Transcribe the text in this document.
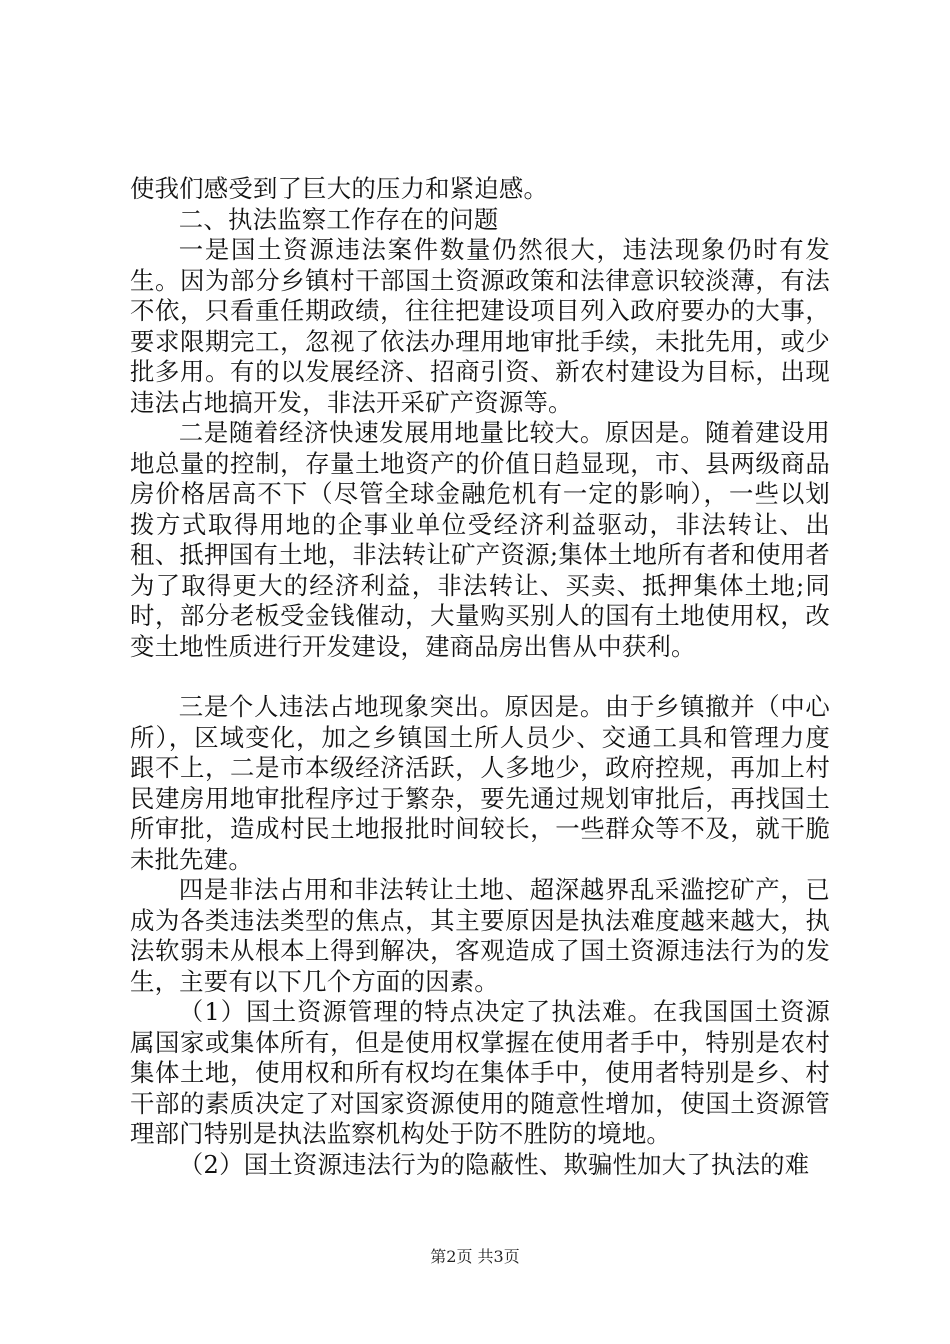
使我们感受到了巨大的压力和紧迫感。

二、执法监察工作存在的问题

一是国土资源违法案件数量仍然很大，违法现象仍时有发生。因为部分乡镇村干部国土资源政策和法律意识较淡薄，有法不依，只看重任期政绩，往往把建设项目列入政府要办的大事，要求限期完工，忽视了依法办理用地审批手续，未批先用，或少批多用。有的以发展经济、招商引资、新农村建设为目标，出现违法占地搞开发，非法开采矿产资源等。

二是随着经济快速发展用地量比较大。原因是。随着建设用地总量的控制，存量土地资产的价值日趋显现，市、县两级商品房价格居高不下（尽管全球金融危机有一定的影响），一些以划拨方式取得用地的企事业单位受经济利益驱动，非法转让、出租、抵押国有土地，非法转让矿产资源;集体土地所有者和使用者为了取得更大的经济利益，非法转让、买卖、抵押集体土地;同时，部分老板受金钱催动，大量购买别人的国有土地使用权，改变土地性质进行开发建设，建商品房出售从中获利。

三是个人违法占地现象突出。原因是。由于乡镇撤并（中心所），区域变化，加之乡镇国土所人员少、交通工具和管理力度跟不上，二是市本级经济活跃，人多地少，政府控规，再加上村民建房用地审批程序过于繁杂，要先通过规划审批后，再找国土所审批，造成村民土地报批时间较长，一些群众等不及，就干脆未批先建。

四是非法占用和非法转让土地、超深越界乱采滥挖矿产，已成为各类违法类型的焦点，其主要原因是执法难度越来越大，执法软弱未从根本上得到解决，客观造成了国土资源违法行为的发生，主要有以下几个方面的因素。

（1）国土资源管理的特点决定了执法难。在我国国土资源属国家或集体所有，但是使用权掌握在使用者手中，特别是农村集体土地，使用权和所有权均在集体手中，使用者特别是乡、村干部的素质决定了对国家资源使用的随意性增加，使国土资源管理部门特别是执法监察机构处于防不胜防的境地。

（2）国土资源违法行为的隐蔽性、欺骗性加大了执法的难

第2页 共3页
